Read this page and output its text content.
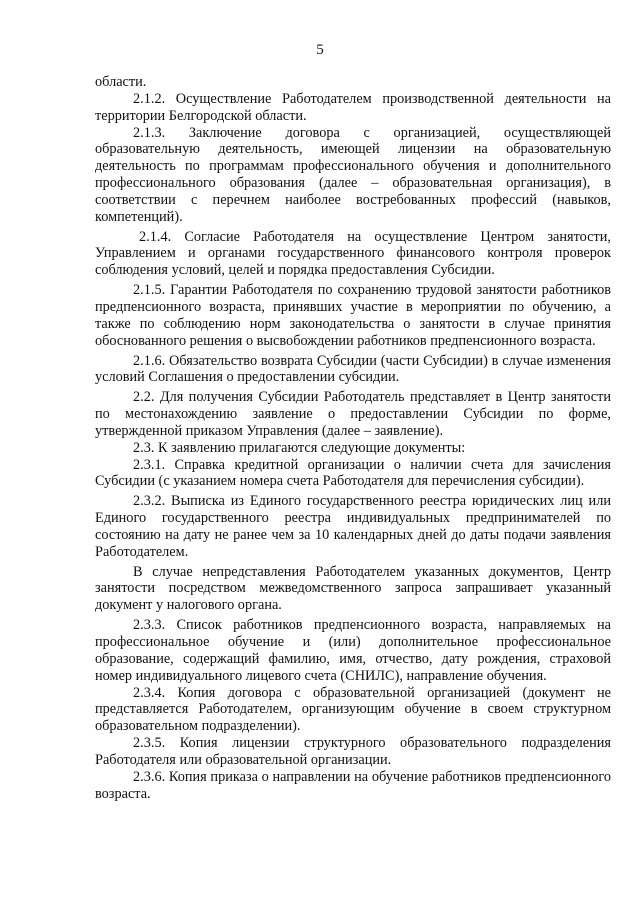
5

области.

2.1.2. Осуществление Работодателем производственной деятельности на территории Белгородской области.

2.1.3. Заключение договора с организацией, осуществляющей образовательную деятельность, имеющей лицензии на образовательную деятельность по программам профессионального обучения и дополнительного профессионального образования (далее – образовательная организация), в соответствии с перечнем наиболее востребованных профессий (навыков, компетенций).

2.1.4. Согласие Работодателя на осуществление Центром занятости, Управлением и органами государственного финансового контроля проверок соблюдения условий, целей и порядка предоставления Субсидии.

2.1.5. Гарантии Работодателя по сохранению трудовой занятости работников предпенсионного возраста, принявших участие в мероприятии по обучению, а также по соблюдению норм законодательства о занятости в случае принятия обоснованного решения о высвобождении работников предпенсионного возраста.

2.1.6. Обязательство возврата Субсидии (части Субсидии) в случае изменения условий Соглашения о предоставлении субсидии.

2.2. Для получения Субсидии Работодатель представляет в Центр занятости по местонахождению заявление о предоставлении Субсидии по форме, утвержденной приказом Управления (далее – заявление).

2.3. К заявлению прилагаются следующие документы:

2.3.1. Справка кредитной организации о наличии счета для зачисления Субсидии (с указанием номера счета Работодателя для перечисления субсидии).

2.3.2. Выписка из Единого государственного реестра юридических лиц или Единого государственного реестра индивидуальных предпринимателей по состоянию на дату не ранее чем за 10 календарных дней до даты подачи заявления Работодателем.

В случае непредставления Работодателем указанных документов, Центр занятости посредством межведомственного запроса запрашивает указанный документ у налогового органа.

2.3.3. Список работников предпенсионного возраста, направляемых на профессиональное обучение и (или) дополнительное профессиональное образование, содержащий фамилию, имя, отчество, дату рождения, страховой номер индивидуального лицевого счета (СНИЛС), направление обучения.

2.3.4. Копия договора с образовательной организацией (документ не представляется Работодателем, организующим обучение в своем структурном образовательном подразделении).

2.3.5. Копия лицензии структурного образовательного подразделения Работодателя или образовательной организации.

2.3.6. Копия приказа о направлении на обучение работников предпенсионного возраста.
